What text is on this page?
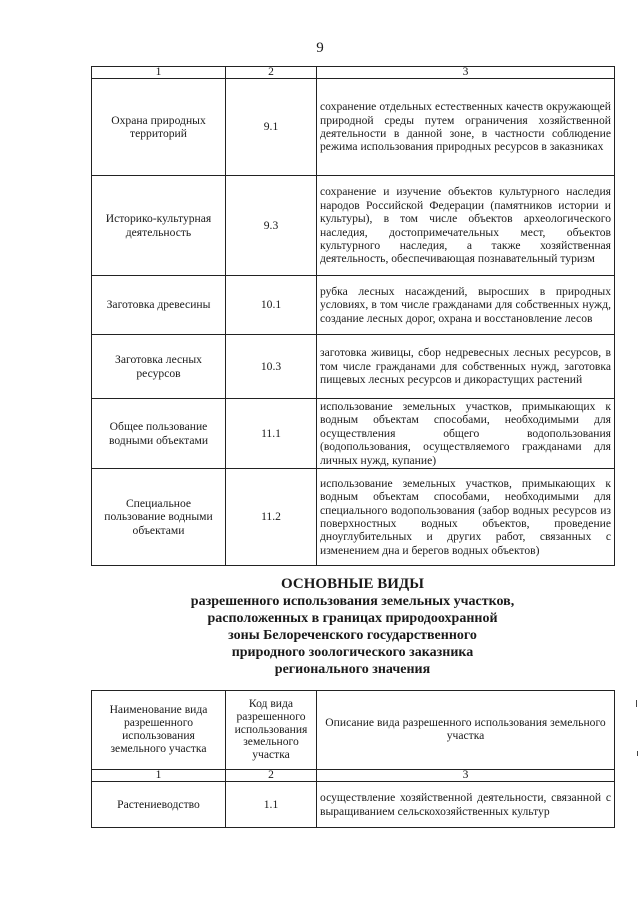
9
1	2	3
Охрана природных территорий	9.1	сохранение отдельных естественных качеств окружающей природной среды путем ограничения хозяйственной деятельности в данной зоне, в частности соблюдение режима использования природных ресурсов в заказниках
Историко-культурная деятельность	9.3	сохранение и изучение объектов культурного наследия народов Российской Федерации (памятников истории и культуры), в том числе объектов археологического наследия, достопримечательных мест, объектов культурного наследия, а также хозяйственная деятельность, обеспечивающая познавательный туризм
Заготовка древесины	10.1	рубка лесных насаждений, выросших в природных условиях, в том числе гражданами для собственных нужд, создание лесных дорог, охрана и восстановление лесов
Заготовка лесных ресурсов	10.3	заготовка живицы, сбор недревесных лесных ресурсов, в том числе гражданами для собственных нужд, заготовка пищевых лесных ресурсов и дикорастущих растений
Общее пользование водными объектами	11.1	использование земельных участков, примыкающих к водным объектам способами, необходимыми для осуществления общего водопользования (водопользования, осуществляемого гражданами для личных нужд, купание)
Специальное пользование водными объектами	11.2	использование земельных участков, примыкающих к водным объектам способами, необходимыми для специального водопользования (забор водных ресурсов из поверхностных водных объектов, проведение дноуглубительных и других работ, связанных с изменением дна и берегов водных объектов)
ОСНОВНЫЕ ВИДЫ
разрешенного использования земельных участков,
расположенных в границах природоохранной
зоны Белореченского государственного
природного зоологического заказника
регионального значения
Наименование вида разрешенного использования земельного участка	Код вида разрешенного использования земельного участка	Описание вида разрешенного использования земельного участка
1	2	3
Растениеводство	1.1	осуществление хозяйственной деятельности, связанной с выращиванием сельскохозяйственных культур
